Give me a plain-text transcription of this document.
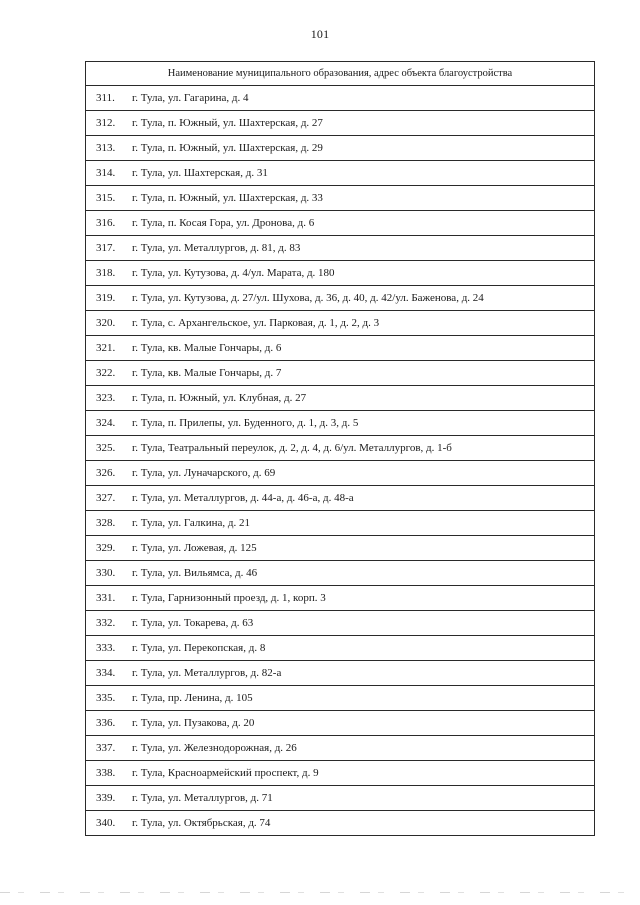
101
Наименование муниципального образования, адрес объекта благоустройства
311. г. Тула, ул. Гагарина, д. 4
312. г. Тула, п. Южный, ул. Шахтерская, д. 27
313. г. Тула, п. Южный, ул. Шахтерская, д. 29
314. г. Тула, ул. Шахтерская, д. 31
315. г. Тула, п. Южный, ул. Шахтерская, д. 33
316. г. Тула, п. Косая Гора, ул. Дронова, д. 6
317. г. Тула, ул. Металлургов, д. 81, д. 83
318. г. Тула, ул. Кутузова, д. 4/ул. Марата, д. 180
319. г. Тула, ул. Кутузова, д. 27/ул. Шухова, д. 36, д. 40, д. 42/ул. Баженова, д. 24
320. г. Тула, с. Архангельское, ул. Парковая, д. 1, д. 2, д. 3
321. г. Тула, кв. Малые Гончары, д. 6
322. г. Тула, кв. Малые Гончары, д. 7
323. г. Тула, п. Южный, ул. Клубная, д. 27
324. г. Тула, п. Прилепы, ул. Буденного, д. 1, д. 3, д. 5
325. г. Тула, Театральный переулок, д. 2, д. 4, д. 6/ул. Металлургов, д. 1-б
326. г. Тула, ул. Луначарского, д. 69
327. г. Тула, ул. Металлургов, д. 44-а, д. 46-а, д. 48-а
328. г. Тула, ул. Галкина, д. 21
329. г. Тула, ул. Ложевая, д. 125
330. г. Тула, ул. Вильямса, д. 46
331. г. Тула, Гарнизонный проезд, д. 1, корп. 3
332. г. Тула, ул. Токарева, д. 63
333. г. Тула, ул. Перекопская, д. 8
334. г. Тула, ул. Металлургов, д. 82-а
335. г. Тула, пр. Ленина, д. 105
336. г. Тула, ул. Пузакова, д. 20
337. г. Тула, ул. Железнодорожная, д. 26
338. г. Тула, Красноармейский проспект, д. 9
339. г. Тула, ул. Металлургов, д. 71
340. г. Тула, ул. Октябрьская, д. 74
